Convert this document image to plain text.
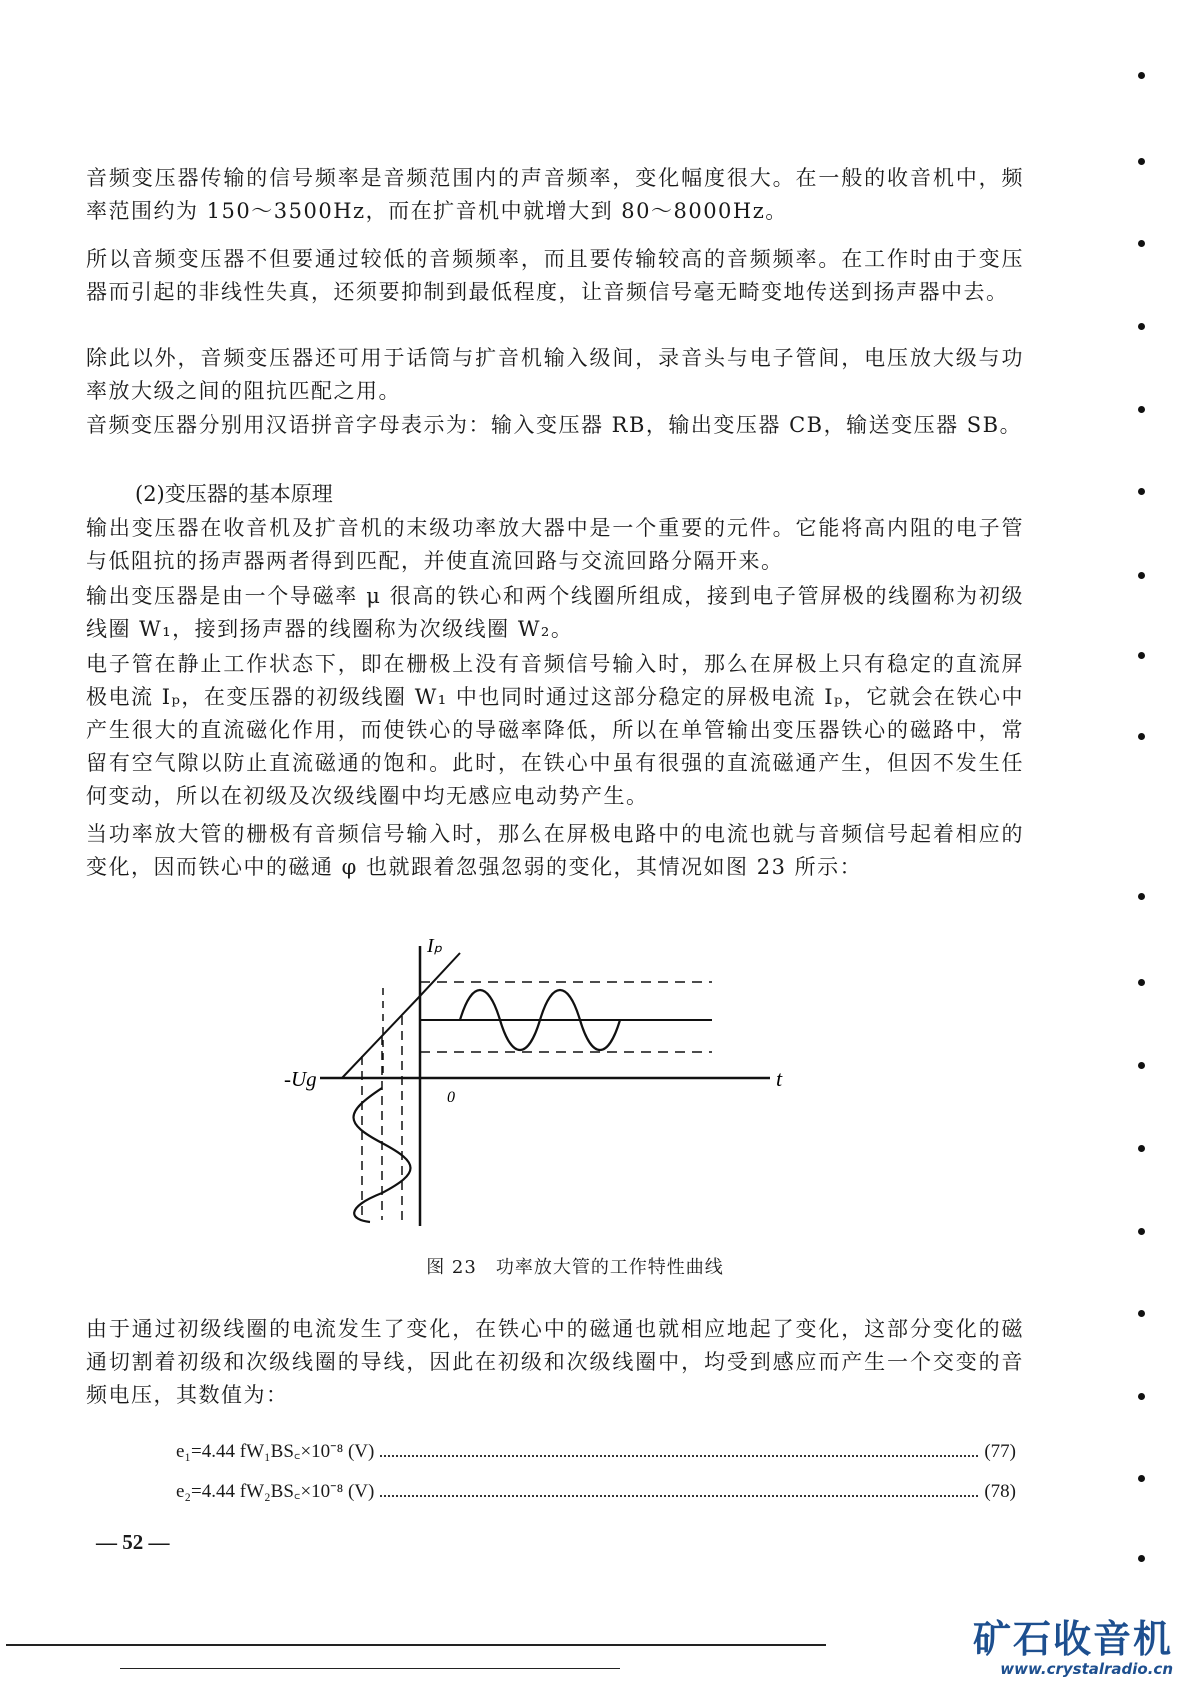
音频变压器传输的信号频率是音频范围内的声音频率，变化幅度很大。在一般的收音机中，频率范围约为 150～3500Hz，而在扩音机中就增大到 80～8000Hz。

所以音频变压器不但要通过较低的音频频率，而且要传输较高的音频频率。在工作时由于变压器而引起的非线性失真，还须要抑制到最低程度，让音频信号毫无畸变地传送到扬声器中去。

除此以外，音频变压器还可用于话筒与扩音机输入级间，录音头与电子管间，电压放大级与功率放大级之间的阻抗匹配之用。

音频变压器分别用汉语拼音字母表示为：输入变压器 RB，输出变压器 CB，输送变压器 SB。

(2)变压器的基本原理

输出变压器在收音机及扩音机的末级功率放大器中是一个重要的元件。它能将高内阻的电子管与低阻抗的扬声器两者得到匹配，并使直流回路与交流回路分隔开来。

输出变压器是由一个导磁率 μ 很高的铁心和两个线圈所组成，接到电子管屏极的线圈称为初级线圈 W₁，接到扬声器的线圈称为次级线圈 W₂。

电子管在静止工作状态下，即在栅极上没有音频信号输入时，那么在屏极上只有稳定的直流屏极电流 Iₚ，在变压器的初级线圈 W₁ 中也同时通过这部分稳定的屏极电流 Iₚ，它就会在铁心中产生很大的直流磁化作用，而使铁心的导磁率降低，所以在单管输出变压器铁心的磁路中，常留有空气隙以防止直流磁通的饱和。此时，在铁心中虽有很强的直流磁通产生，但因不发生任何变动，所以在初级及次级线圈中均无感应电动势产生。

当功率放大管的栅极有音频信号输入时，那么在屏极电路中的电流也就与音频信号起着相应的变化，因而铁心中的磁通 φ 也就跟着忽强忽弱的变化，其情况如图 23 所示：

Iₚ
-Ug
0
t
图 23　功率放大管的工作特性曲线

由于通过初级线圈的电流发生了变化，在铁心中的磁通也就相应地起了变化，这部分变化的磁通切割着初级和次级线圈的导线，因此在初级和次级线圈中，均受到感应而产生一个交变的音频电压，其数值为：

e₁=4.44 fW₁BS꜀×10⁻⁸ (V)	(77)
e₂=4.44 fW₂BS꜀×10⁻⁸ (V)	(78)
— 52 —
矿石收音机
www.crystalradio.cn
